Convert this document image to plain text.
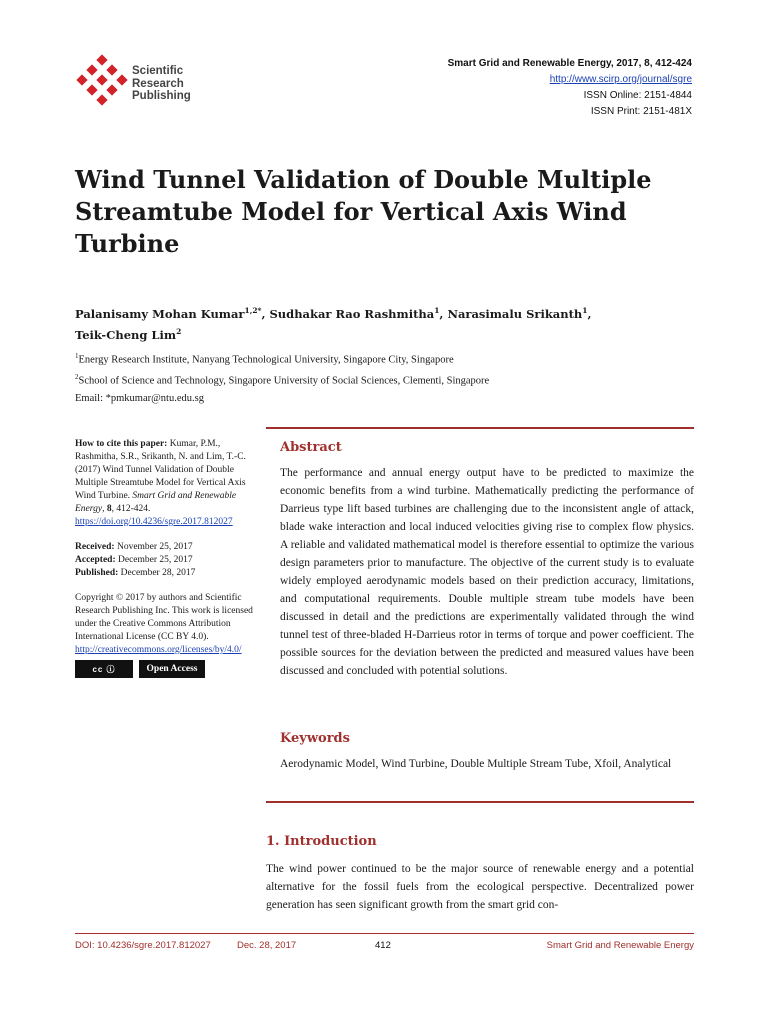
Scientific
Research
Publishing
Smart Grid and Renewable Energy, 2017, 8, 412-424
http://www.scirp.org/journal/sgre
ISSN Online: 2151-4844
ISSN Print: 2151-481X
Wind Tunnel Validation of Double Multiple Streamtube Model for Vertical Axis Wind Turbine
Palanisamy Mohan Kumar$^{1,2*}$, Sudhakar Rao Rashmitha$^1$, Narasimalu Srikanth$^1$,
Teik-Cheng Lim$^2$
$^1$Energy Research Institute, Nanyang Technological University, Singapore City, Singapore
$^2$School of Science and Technology, Singapore University of Social Sciences, Clementi, Singapore
Email: *pmkumar@ntu.edu.sg
How to cite this paper: Kumar, P.M., Rashmitha, S.R., Srikanth, N. and Lim, T.-C. (2017) Wind Tunnel Validation of Double Multiple Streamtube Model for Vertical Axis Wind Turbine. Smart Grid and Renewable Energy, 8, 412-424.
https://doi.org/10.4236/sgre.2017.812027
Received: November 25, 2017
Accepted: December 25, 2017
Published: December 28, 2017
Copyright © 2017 by authors and Scientific Research Publishing Inc. This work is licensed under the Creative Commons Attribution International License (CC BY 4.0).
http://creativecommons.org/licenses/by/4.0/
cc ⓘ	Open Access
Abstract

The performance and annual energy output have to be predicted to maximize the economic benefits from a wind turbine. Mathematically predicting the performance of Darrieus type lift based turbines are challenging due to the inconsistent angle of attack, blade wake interaction and local induced velocities giving rise to complex flow physics. A reliable and validated mathematical model is therefore essential to optimize the various design parameters prior to manufacture. The objective of the current study is to evaluate widely employed aerodynamic models based on their prediction accuracy, limitations, and computational requirements. Double multiple stream tube models have been discussed in detail and the predictions are experimentally validated through the wind tunnel test of three-bladed H-Darrieus rotor in terms of torque and power coefficient. The possible sources for the deviation between the predicted and measured values have been discussed and concluded with potential solutions.

Keywords

Aerodynamic Model, Wind Turbine, Double Multiple Stream Tube, Xfoil, Analytical

1. Introduction

The wind power continued to be the major source of renewable energy and a potential alternative for the fossil fuels from the ecological perspective. Decentralized power generation has seen significant growth from the smart grid con-

DOI: 10.4236/sgre.2017.812027	Dec. 28, 2017	412	Smart Grid and Renewable Energy
